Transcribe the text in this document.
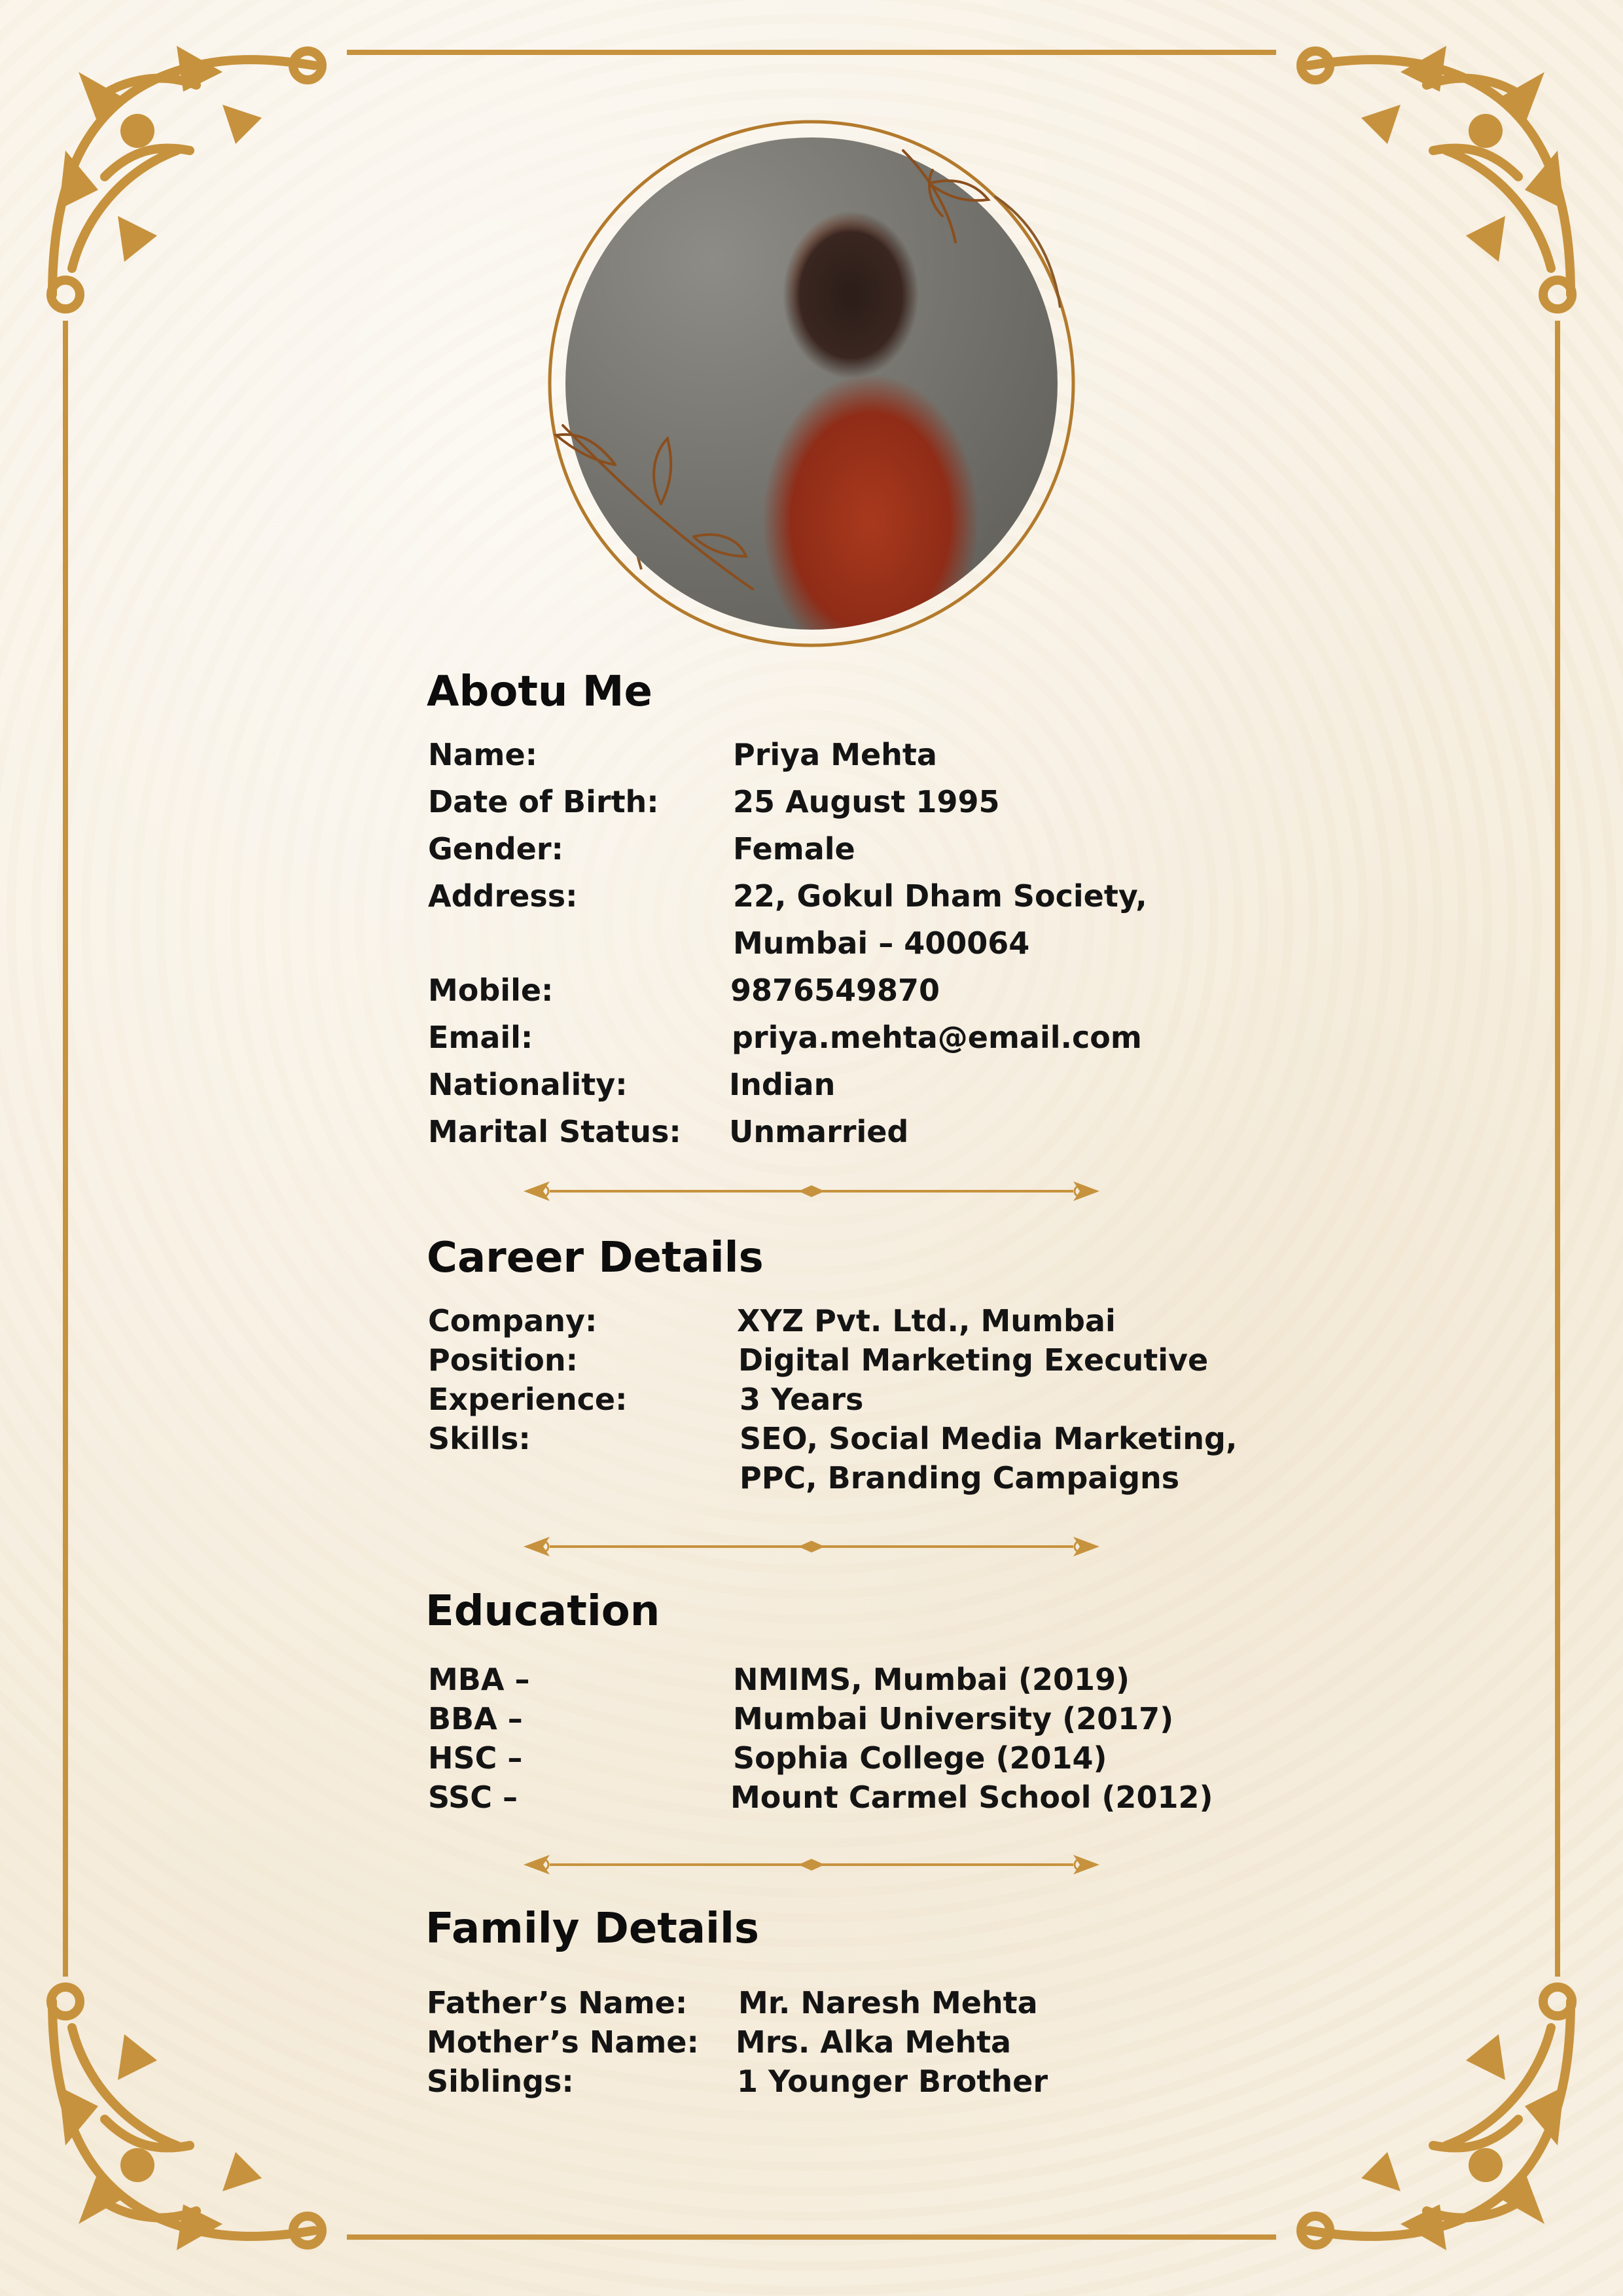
Abotu Me
Name:	Priya Mehta
Date of Birth: 25 August 1995
Gender:	Female
Address:	22, Gokul Dham Society,
Mumbai – 400064
Mobile:	9876549870
Email:	priya.mehta@email.com
Nationality:	Indian
Marital Status: Unmarried
Career Details
Company:	XYZ Pvt. Ltd., Mumbai
Position:	Digital Marketing Executive
Experience:	3 Years
Skills:	SEO, Social Media Marketing,
PPC, Branding Campaigns
Education
MBA –	NMIMS, Mumbai (2019)
BBA –	Mumbai University (2017)
HSC –	Sophia College (2014)
SSC –	Mount Carmel School (2012)
Family Details
Father’s Name: Mr. Naresh Mehta
Mother’s Name: Mrs. Alka Mehta
Siblings:	1 Younger Brother
